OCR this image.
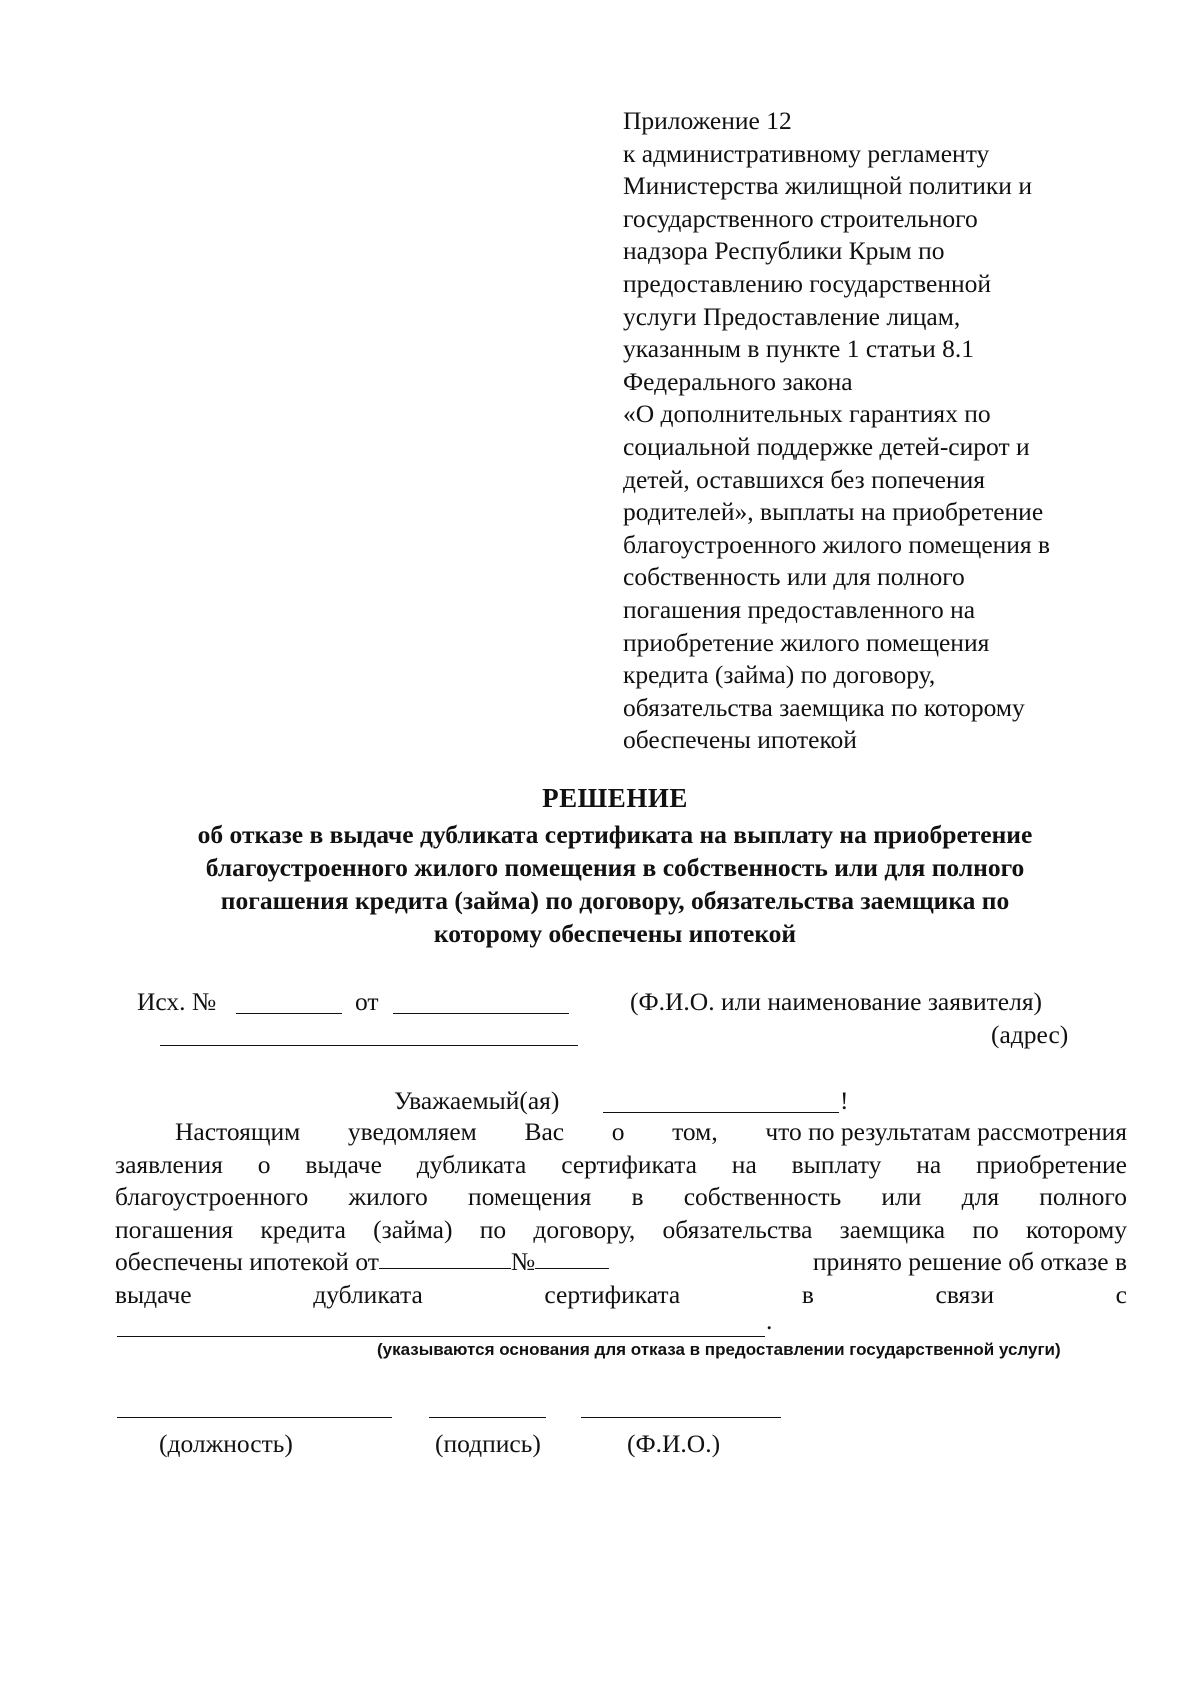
Приложение 12
к административному регламенту
Министерства жилищной политики и
государственного строительного
надзора Республики Крым по
предоставлению государственной
услуги Предоставление лицам,
указанным в пункте 1 статьи 8.1
Федерального закона
«О дополнительных гарантиях по
социальной поддержке детей-сирот и
детей, оставшихся без попечения
родителей», выплаты на приобретение
благоустроенного жилого помещения в
собственность или для полного
погашения предоставленного на
приобретение жилого помещения
кредита (займа) по договору,
обязательства заемщика по которому
обеспечены ипотекой
РЕШЕНИЕ
об отказе в выдаче дубликата сертификата на выплату на приобретение
благоустроенного жилого помещения в собственность или для полного
погашения кредита (займа) по договору, обязательства заемщика по
которому обеспечены ипотекой
Исх. №	от	(Ф.И.О. или наименование заявителя)
(адрес)
Уважаемый(ая)	!
Настоящим уведомляем Вас о том, что по результатам рассмотрения
заявления о выдаче дубликата сертификата на выплату на приобретение
благоустроенного жилого помещения в собственность или для полного
погашения кредита (займа) по договору, обязательства заемщика по которому
обеспечены ипотекой от	№	принято решение об отказе в
выдаче	дубликата	сертификата	в	связи	с
.
(указываются основания для отказа в предоставлении государственной услуги)
(должность)	(подпись)	(Ф.И.О.)
